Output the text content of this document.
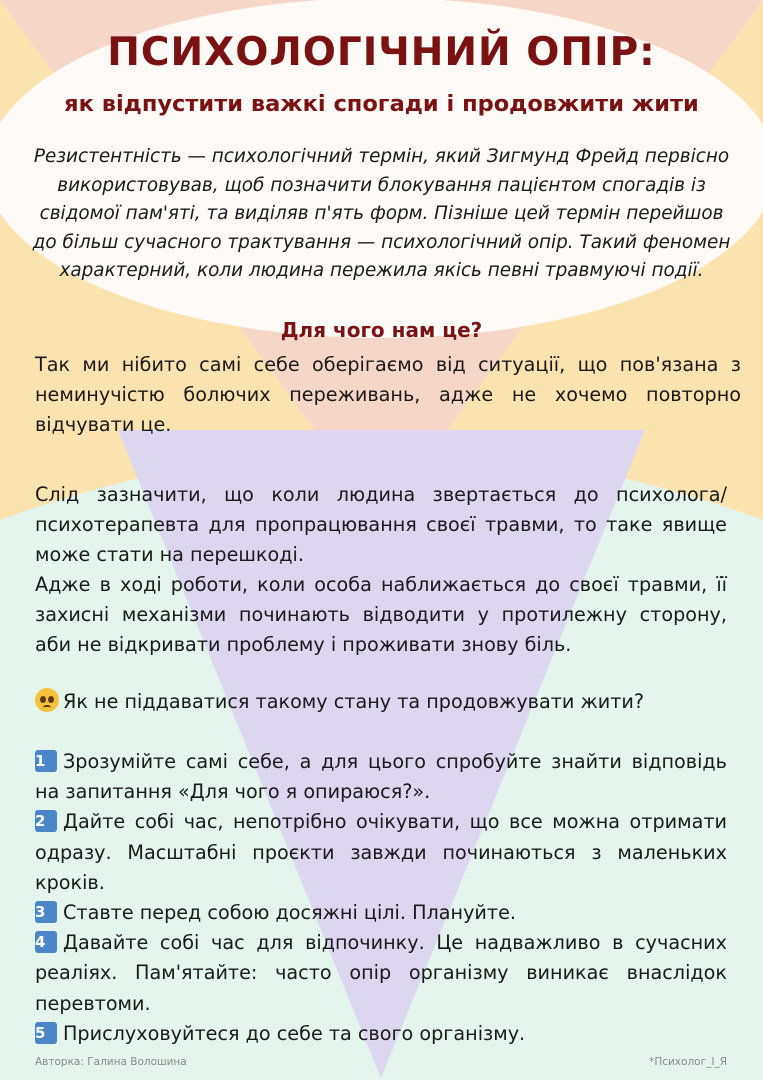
ПСИХОЛОГІЧНИЙ ОПІР:
як відпустити важкі спогади і продовжити жити

Резистентність — психологічний термін, який Зигмунд Фрейд первісно використовував, щоб позначити блокування пацієнтом спогадів із свідомої пам'яті, та виділяв п'ять форм. Пізніше цей термін перейшов до більш сучасного трактування — психологічний опір. Такий феномен характерний, коли людина пережила якісь певні травмуючі події.

Для чого нам це?

Так ми нібито самі себе оберігаємо від ситуації, що пов'язана з неминучістю болючих переживань, адже не хочемо повторно відчувати це.

Слід зазначити, що коли людина звертається до психолога/психотерапевта для пропрацювання своєї травми, то таке явище може стати на перешкоді.

Адже в ході роботи, коли особа наближається до своєї травми, її захисні механізми починають відводити у протилежну сторону, аби не відкривати проблему і проживати знову біль.

Як не піддаватися такому стану та продовжувати жити?

1 Зрозумійте самі себе, а для цього спробуйте знайти відповідь на запитання «Для чого я опираюся?».
2 Дайте собі час, непотрібно очікувати, що все можна отримати одразу. Масштабні проєкти завжди починаються з маленьких кроків.
3 Ставте перед собою досяжні цілі. Плануйте.
4 Давайте собі час для відпочинку. Це надважливо в сучасних реаліях. Пам'ятайте: часто опір організму виникає внаслідок перевтоми.
5 Прислуховуйтеся до себе та свого організму.

Авторка: Галина Волошина	*Психолог_Ⅰ_Я
